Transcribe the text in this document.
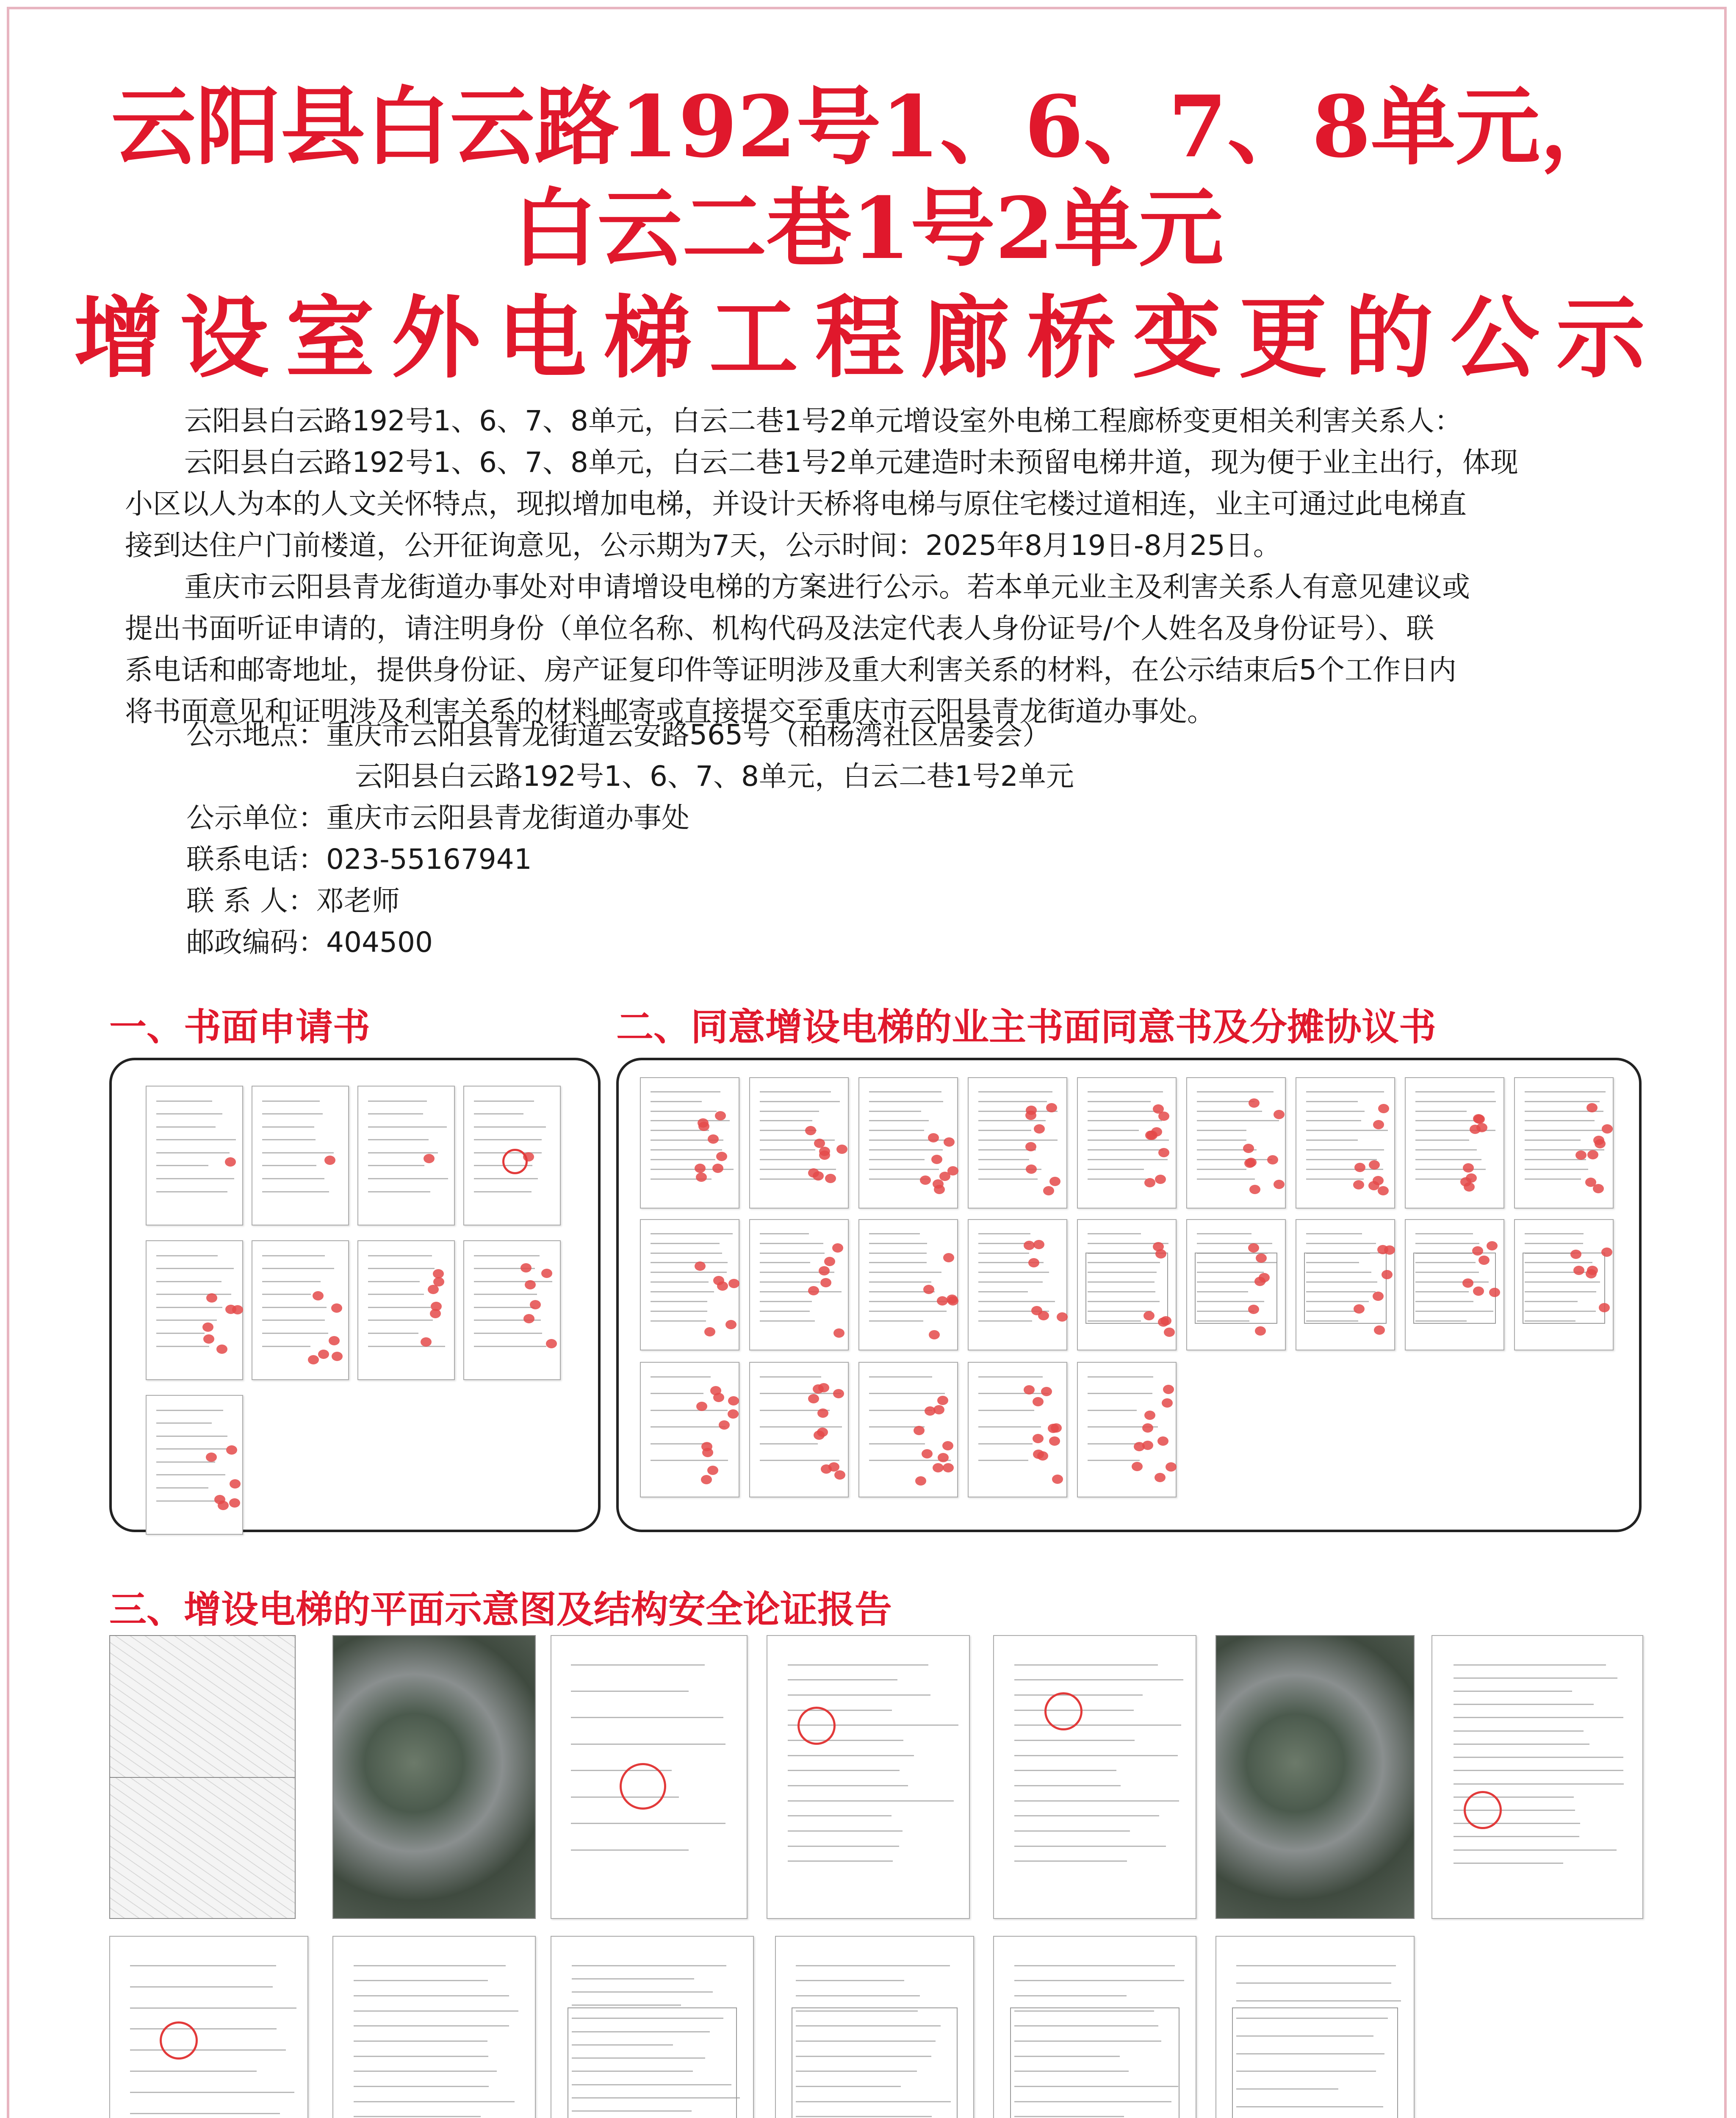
云阳县白云路192号1、6、7、8单元，
白云二巷1号2单元
增设室外电梯工程廊桥变更的公示
云阳县白云路192号1、6、7、8单元，白云二巷1号2单元增设室外电梯工程廊桥变更相关利害关系人：
云阳县白云路192号1、6、7、8单元，白云二巷1号2单元建造时未预留电梯井道，现为便于业主出行，体现
小区以人为本的人文关怀特点，现拟增加电梯，并设计天桥将电梯与原住宅楼过道相连，业主可通过此电梯直
接到达住户门前楼道，公开征询意见，公示期为7天，公示时间：2025年8月19日-8月25日。
重庆市云阳县青龙街道办事处对申请增设电梯的方案进行公示。若本单元业主及利害关系人有意见建议或
提出书面听证申请的，请注明身份（单位名称、机构代码及法定代表人身份证号/个人姓名及身份证号）、联
系电话和邮寄地址，提供身份证、房产证复印件等证明涉及重大利害关系的材料，在公示结束后5个工作日内
将书面意见和证明涉及利害关系的材料邮寄或直接提交至重庆市云阳县青龙街道办事处。
公示地点：重庆市云阳县青龙街道云安路565号（柏杨湾社区居委会）
云阳县白云路192号1、6、7、8单元，白云二巷1号2单元
公示单位：重庆市云阳县青龙街道办事处
联系电话：023-55167941
联 系 人：邓老师
邮政编码：404500
一、书面申请书	二、同意增设电梯的业主书面同意书及分摊协议书
三、增设电梯的平面示意图及结构安全论证报告
